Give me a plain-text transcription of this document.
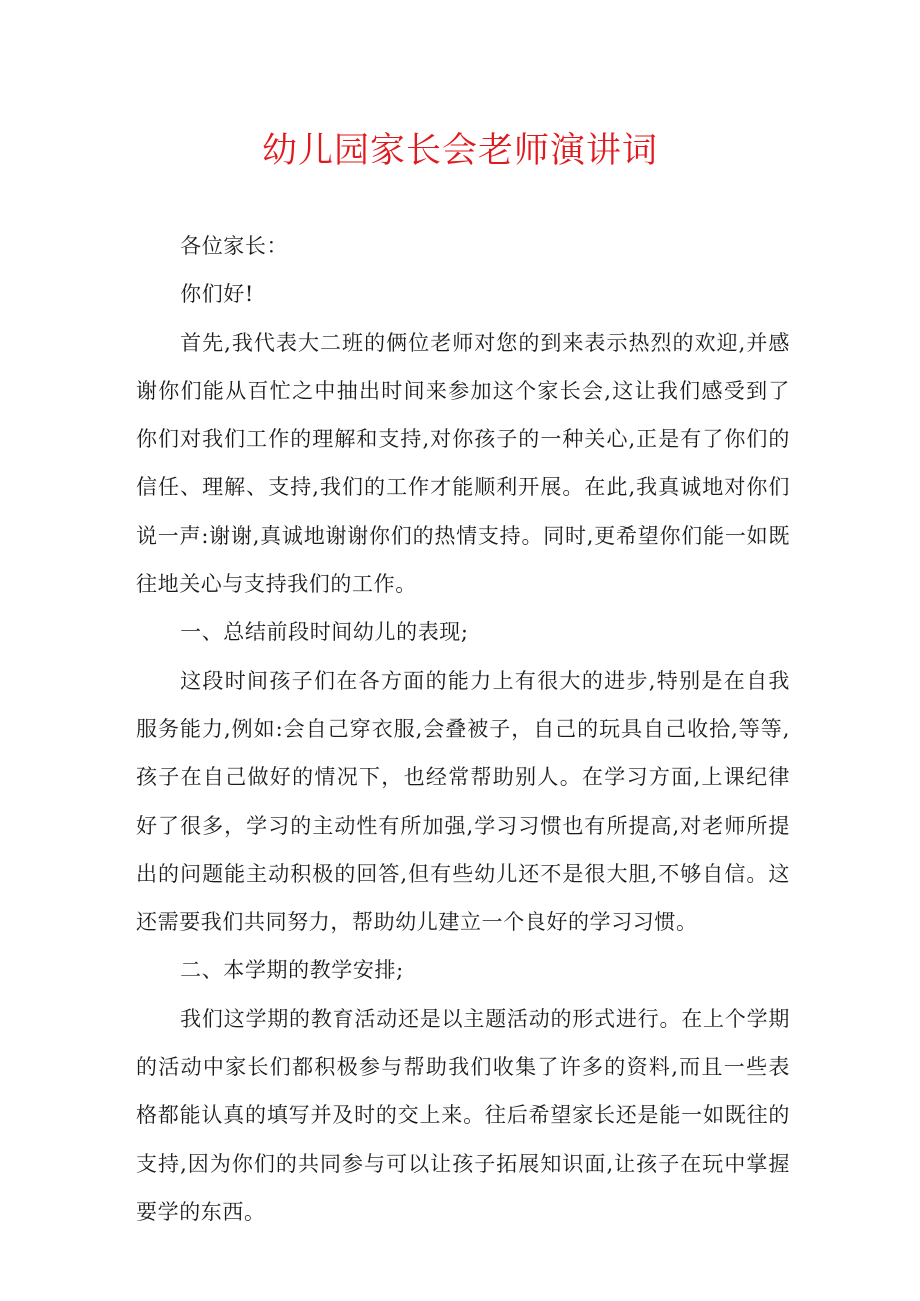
幼儿园家长会老师演讲词

各位家长：

你们好!

首先,我代表大二班的俩位老师对您的到来表示热烈的欢迎,并感谢你们能从百忙之中抽出时间来参加这个家长会,这让我们感受到了你们对我们工作的理解和支持,对你孩子的一种关心,正是有了你们的信任、理解、支持,我们的工作才能顺利开展。在此,我真诚地对你们说一声:谢谢,真诚地谢谢你们的热情支持。同时,更希望你们能一如既往地关心与支持我们的工作。

一、总结前段时间幼儿的表现;

这段时间孩子们在各方面的能力上有很大的进步,特别是在自我服务能力,例如:会自己穿衣服,会叠被子，自己的玩具自己收拾,等等,孩子在自己做好的情况下，也经常帮助别人。在学习方面,上课纪律好了很多，学习的主动性有所加强,学习习惯也有所提高,对老师所提出的问题能主动积极的回答,但有些幼儿还不是很大胆,不够自信。这还需要我们共同努力，帮助幼儿建立一个良好的学习习惯。

二、本学期的教学安排;

我们这学期的教育活动还是以主题活动的形式进行。在上个学期的活动中家长们都积极参与帮助我们收集了许多的资料,而且一些表格都能认真的填写并及时的交上来。往后希望家长还是能一如既往的支持,因为你们的共同参与可以让孩子拓展知识面,让孩子在玩中掌握要学的东西。
